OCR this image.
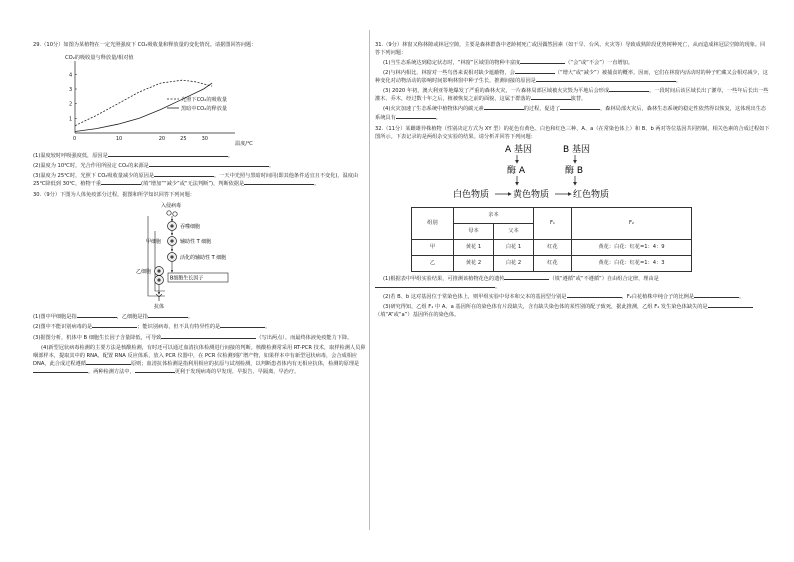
29.（10分）如图为某植物在一定光照强度下 CO₂吸收量和释放量的变化情况。请据图回答问题：

CO₂的吸收量与释放量/相对值
温度/℃
0	10	20	25	30
1
2
3
4
光照下CO₂的吸收量
黑暗中CO₂的释放量

(1)温度较时呼吸强度低，原因是	。

(2)温度为 10℃时，光合作用所固定 CO₂的来源是	。

(3)温度为 25℃时，光照下 CO₂吸收量减少的原因是	。一天中光照与黑暗时间同(即其他条件适宜且不变化)，温度由 25℃降低到 30℃，植物干重	(填“增加”“减少”或“无法判断”)，判断依据是	。

30.（9分）下图为人体免疫部分过程，据图和所学知识回答下列问题：

入侵病毒
吞噬细胞
甲细胞	辅助性 T 细胞
活化的辅助性 T 细胞
乙细胞
B细胞生长因子
抗体

(1)图中甲细胞是指	，乙细胞是指	。

(2)图中不能识别病毒的是	；能识别病毒，但不具有特异性的是	。

(3)据图分析，机体中 B 细胞生长因子含量降低，可导致	（写出两点）。而最终体液免疫能力下降。

(4)新型冠状病毒检测的主要方法是核酸检测，有时还可以通过血清抗体检测进行间接的判断。核酸检测常采用 RT-PCR 技术，取样检测人员鼻咽部样本，提取其中的 RNA，配置 RNA 反应体系，放入 PCR 仪器中，在 PCR 仪检测到扩增产物，如果样本中有新型冠状病毒，会合成相应 DNA，此合成过程遵循	原则；血清抗体检测是指利用相应的抗原与试剂检测，以判断患者体内有无相应抗体，检测的原理是。两种检测方法中，	更利于发现病毒的早发现、早报告、早隔离、早治疗。

31.（9分）林窗又称林隙或林冠空隙，主要是森林群落中老龄树死亡或因偶然因素（如干旱、台风、火灾等）导致成熟阶段优势树种死亡，从而造成林冠层空隙的现象。回答下列问题：

(1)当生态系统达到稳定状态时，“林窗”区域里的物种丰富度	（“会”或“不会”）一直增加。

(2)与林内相比，林窗对一些鸟兽来说相对缺少遮蔽物，会	（“增大”或“减少”）被捕食的概率。因而，它们在林窗内活动时的种子贮藏又会相对减少，这种变化对动物活动的影响时间影响林窗中种子生长，推测间接的原因是	。

(3) 2020 年初，澳大利亚等地爆发了严重的森林火灾，一片森林局部区域被火灾毁为平地后会形成	。一段时间后该区域长出了灌草，一些年后长出一些灌木、乔木，经过数十年之后，植被恢复之前的面貌，这属于群落的	演替。

(4)火灾加速了生态系统中植物体内的碳元素	的过程，促进了	，森林局部火灾后，森林生态系统的稳定性依然得以恢复，这体现出生态系统具有	。

32.（11分）某雌雄异株植物（性别决定方式为 XY 型）的花色有黄色、白色和红色三种，A、a（在常染色体上）和 B、b 两对等位基因共同控制，相关色素的合成过程如下图所示。下表记录的是两组杂交实验的结果。请分析并回答下列问题：

A 基因	B 基因
酶 A	酶 B
白色物质	黄色物质	红色物质
组别	亲本		F₁	F₂
	母本	父本		
甲	黄花 1	白花 1	红花	黄花：白花：红花=1：4：9
乙	黄花 2	白花 2	红花	黄花：白花：红花=1：4：3

(1)根据表中甲组实验结果，可推测该植物花色的遗传	（填“遵循”或“不遵循”）自由组合定律，理由是。

(2)若 B、b 这对基因位于常染色体上，则甲组实验中母本和父本的基因型分别是	，F₂白花植株中纯合子的比例是	。

(3)研究得知，乙组 F₁ 中 A、a 基因所在的染色体有片段缺失，含有缺失染色体的某性别的配子致死，据此推测，乙组 F₁ 发生染色体缺失的是（填“A”或“a”）基因所在的染色体。
